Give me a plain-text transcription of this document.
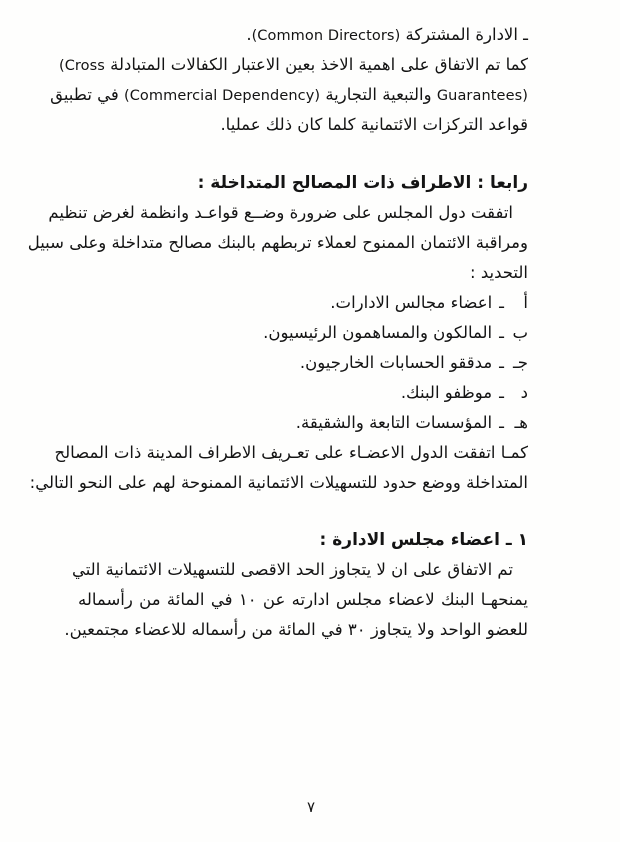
ـ الادارة المشتركة (Common Directors).
كما تم الاتفاق على اهمية الاخذ بعين الاعتبار الكفالات المتبادلة (Cross
Guarantees) والتبعية التجارية (Commercial Dependency) في تطبيق
قواعد التركزات الائتمانية كلما كان ذلك عمليا.
رابعا : الاطراف ذات المصالح المتداخلة :
اتفقت دول المجلس على ضرورة وضــع قواعـد وانظمة لغرض تنظيم
ومراقبة الائتمان الممنوح لعملاء تربطهم بالبنك مصالح متداخلة وعلى سبيل
التحديد :
أـاعضاء مجالس الادارات.
بـالمالكون والمساهمون الرئيسيون.
جــمدققو الحسابات الخارجيون.
دـموظفو البنك.
هــالمؤسسات التابعة والشقيقة.
كمـا اتفقت الدول الاعضـاء على تعـريف الاطراف المدينة ذات المصالح
المتداخلة ووضع حدود للتسهيلات الائتمانية الممنوحة لهم على النحو التالي:
١ ـ اعضاء مجلس الادارة :
تم الاتفاق على ان لا يتجاوز الحد الاقصى للتسهيلات الائتمانية التي
يمنحهـا البنك لاعضاء مجلس ادارته عن ١٠ في المائة من رأسماله
للعضو الواحد ولا يتجاوز ٣٠ في المائة من رأسماله للاعضاء مجتمعين.
٧
